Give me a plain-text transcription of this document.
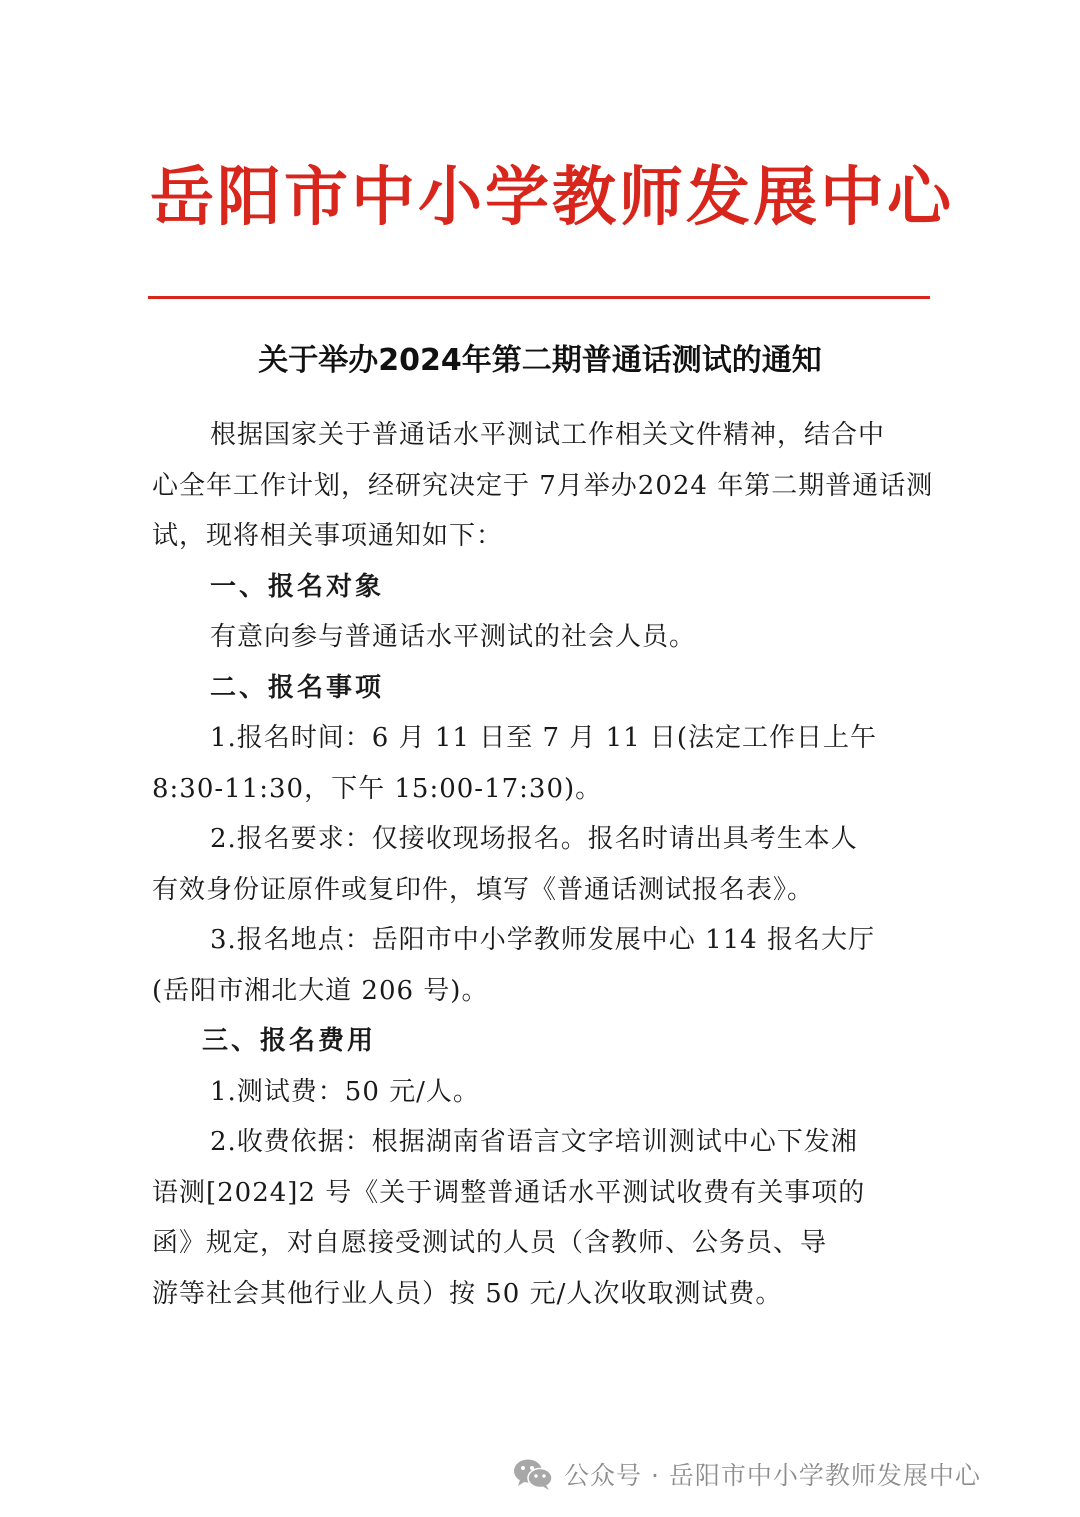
岳阳市中小学教师发展中心
关于举办2024年第二期普通话测试的通知

根据国家关于普通话水平测试工作相关文件精神，结合中

心全年工作计划，经研究决定于 7月举办2024 年第二期普通话测

试，现将相关事项通知如下：

一、报名对象

有意向参与普通话水平测试的社会人员。

二、报名事项

1.报名时间：6 月 11 日至 7 月 11 日(法定工作日上午

8:30-11:30，下午 15:00-17:30)。

2.报名要求：仅接收现场报名。报名时请出具考生本人

有效身份证原件或复印件，填写《普通话测试报名表》。

3.报名地点：岳阳市中小学教师发展中心 114 报名大厅

(岳阳市湘北大道 206 号)。

三、报名费用

1.测试费：50 元/人。

2.收费依据：根据湖南省语言文字培训测试中心下发湘

语测[2024]2 号《关于调整普通话水平测试收费有关事项的

函》规定，对自愿接受测试的人员（含教师、公务员、导

游等社会其他行业人员）按 50 元/人次收取测试费。

公众号 · 岳阳市中小学教师发展中心
